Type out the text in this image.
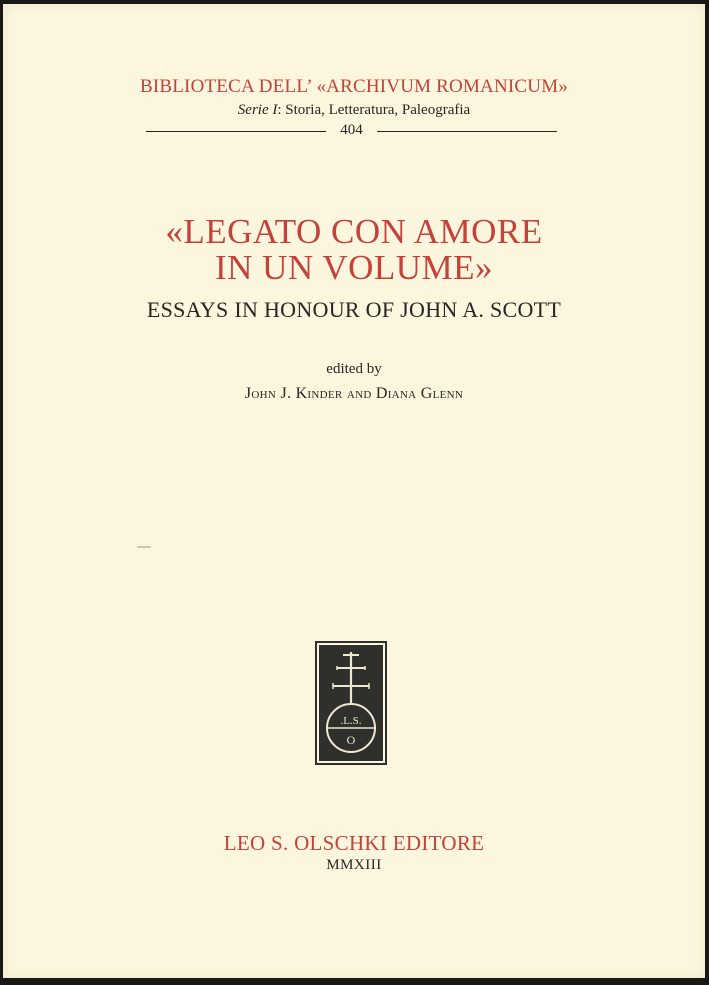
BIBLIOTECA DELL’ «ARCHIVUM ROMANICUM»
Serie I: Storia, Letteratura, Paleografia
404
«LEGATO CON AMORE
IN UN VOLUME»
ESSAYS IN HONOUR OF JOHN A. SCOTT
edited by
John J. Kinder and Diana Glenn
.L.S.
O
LEO S. OLSCHKI EDITORE
MMXIII
